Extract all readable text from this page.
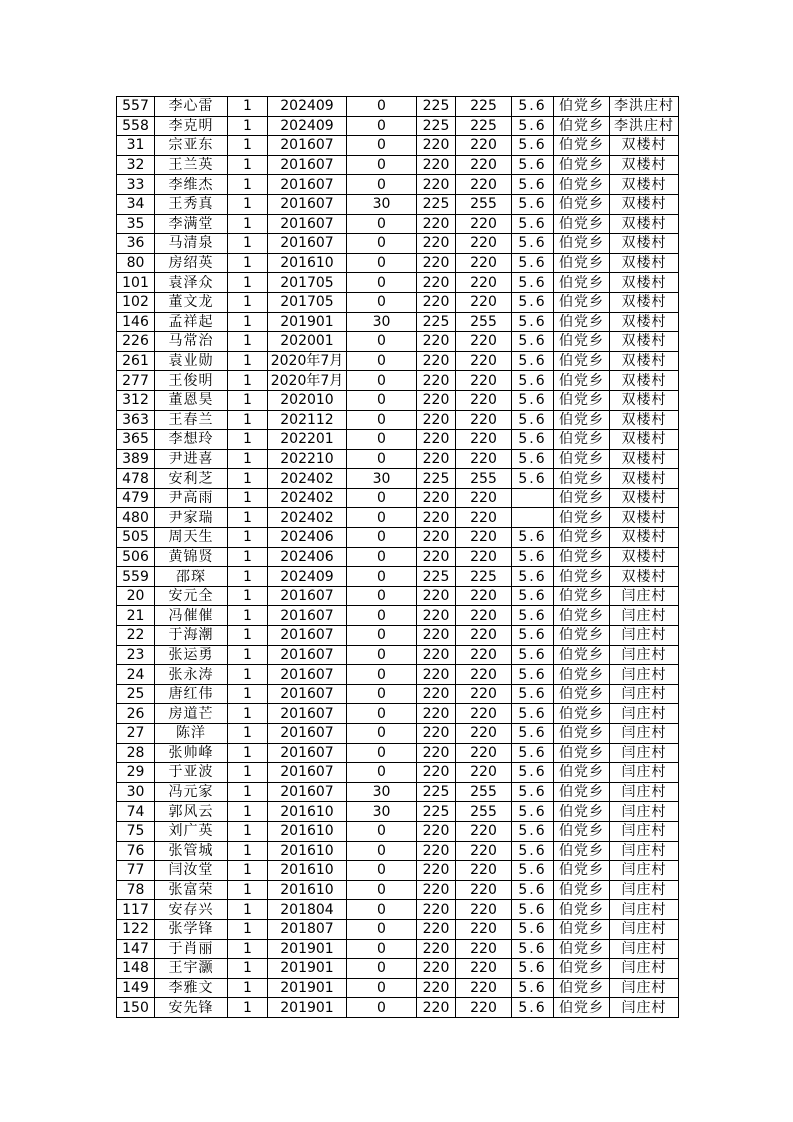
557	李心雷	1	202409	0	225	225	5.6	伯党乡	李洪庄村
558	李克明	1	202409	0	225	225	5.6	伯党乡	李洪庄村
31	宗亚东	1	201607	0	220	220	5.6	伯党乡	双楼村
32	王兰英	1	201607	0	220	220	5.6	伯党乡	双楼村
33	李维杰	1	201607	0	220	220	5.6	伯党乡	双楼村
34	王秀真	1	201607	30	225	255	5.6	伯党乡	双楼村
35	李满堂	1	201607	0	220	220	5.6	伯党乡	双楼村
36	马清泉	1	201607	0	220	220	5.6	伯党乡	双楼村
80	房绍英	1	201610	0	220	220	5.6	伯党乡	双楼村
101	袁泽众	1	201705	0	220	220	5.6	伯党乡	双楼村
102	董文龙	1	201705	0	220	220	5.6	伯党乡	双楼村
146	孟祥起	1	201901	30	225	255	5.6	伯党乡	双楼村
226	马常治	1	202001	0	220	220	5.6	伯党乡	双楼村
261	袁业勋	1	2020年7月	0	220	220	5.6	伯党乡	双楼村
277	王俊明	1	2020年7月	0	220	220	5.6	伯党乡	双楼村
312	董恩昊	1	202010	0	220	220	5.6	伯党乡	双楼村
363	王春兰	1	202112	0	220	220	5.6	伯党乡	双楼村
365	李想玲	1	202201	0	220	220	5.6	伯党乡	双楼村
389	尹进喜	1	202210	0	220	220	5.6	伯党乡	双楼村
478	安利芝	1	202402	30	225	255	5.6	伯党乡	双楼村
479	尹高雨	1	202402	0	220	220		伯党乡	双楼村
480	尹家瑞	1	202402	0	220	220		伯党乡	双楼村
505	周天生	1	202406	0	220	220	5.6	伯党乡	双楼村
506	黄锦贤	1	202406	0	220	220	5.6	伯党乡	双楼村
559	邵琛	1	202409	0	225	225	5.6	伯党乡	双楼村
20	安元全	1	201607	0	220	220	5.6	伯党乡	闫庄村
21	冯催催	1	201607	0	220	220	5.6	伯党乡	闫庄村
22	于海潮	1	201607	0	220	220	5.6	伯党乡	闫庄村
23	张运勇	1	201607	0	220	220	5.6	伯党乡	闫庄村
24	张永涛	1	201607	0	220	220	5.6	伯党乡	闫庄村
25	唐红伟	1	201607	0	220	220	5.6	伯党乡	闫庄村
26	房道芒	1	201607	0	220	220	5.6	伯党乡	闫庄村
27	陈洋	1	201607	0	220	220	5.6	伯党乡	闫庄村
28	张帅峰	1	201607	0	220	220	5.6	伯党乡	闫庄村
29	于亚波	1	201607	0	220	220	5.6	伯党乡	闫庄村
30	冯元家	1	201607	30	225	255	5.6	伯党乡	闫庄村
74	郭风云	1	201610	30	225	255	5.6	伯党乡	闫庄村
75	刘广英	1	201610	0	220	220	5.6	伯党乡	闫庄村
76	张管城	1	201610	0	220	220	5.6	伯党乡	闫庄村
77	闫汝堂	1	201610	0	220	220	5.6	伯党乡	闫庄村
78	张富荣	1	201610	0	220	220	5.6	伯党乡	闫庄村
117	安存兴	1	201804	0	220	220	5.6	伯党乡	闫庄村
122	张学锋	1	201807	0	220	220	5.6	伯党乡	闫庄村
147	于肖丽	1	201901	0	220	220	5.6	伯党乡	闫庄村
148	王宇灏	1	201901	0	220	220	5.6	伯党乡	闫庄村
149	李雅文	1	201901	0	220	220	5.6	伯党乡	闫庄村
150	安先锋	1	201901	0	220	220	5.6	伯党乡	闫庄村
